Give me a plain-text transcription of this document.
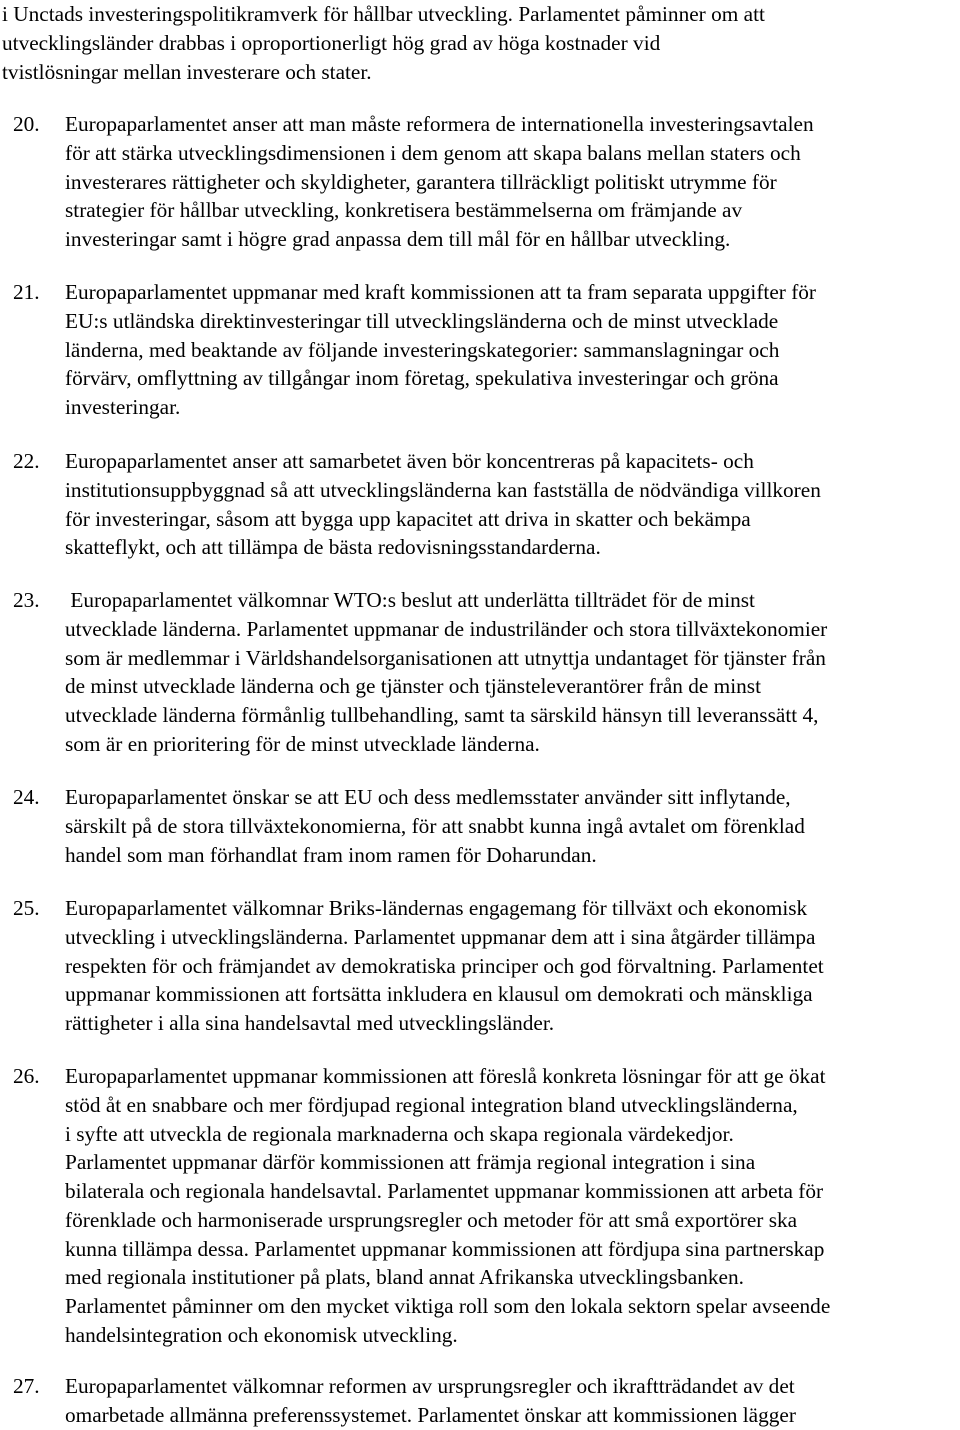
i Unctads investeringspolitikramverk för hållbar utveckling. Parlamentet påminner om att
utvecklingsländer drabbas i oproportionerligt hög grad av höga kostnader vid
tvistlösningar mellan investerare och stater.
20. Europaparlamentet anser att man måste reformera de internationella investeringsavtalen
för att stärka utvecklingsdimensionen i dem genom att skapa balans mellan staters och
investerares rättigheter och skyldigheter, garantera tillräckligt politiskt utrymme för
strategier för hållbar utveckling, konkretisera bestämmelserna om främjande av
investeringar samt i högre grad anpassa dem till mål för en hållbar utveckling.
21. Europaparlamentet uppmanar med kraft kommissionen att ta fram separata uppgifter för
EU:s utländska direktinvesteringar till utvecklingsländerna och de minst utvecklade
länderna, med beaktande av följande investeringskategorier: sammanslagningar och
förvärv, omflyttning av tillgångar inom företag, spekulativa investeringar och gröna
investeringar.
22. Europaparlamentet anser att samarbetet även bör koncentreras på kapacitets- och
institutionsuppbyggnad så att utvecklingsländerna kan fastställa de nödvändiga villkoren
för investeringar, såsom att bygga upp kapacitet att driva in skatter och bekämpa
skatteflykt, och att tillämpa de bästa redovisningsstandarderna.
23. Europaparlamentet välkomnar WTO:s beslut att underlätta tillträdet för de minst
utvecklade länderna. Parlamentet uppmanar de industriländer och stora tillväxtekonomier
som är medlemmar i Världshandelsorganisationen att utnyttja undantaget för tjänster från
de minst utvecklade länderna och ge tjänster och tjänsteleverantörer från de minst
utvecklade länderna förmånlig tullbehandling, samt ta särskild hänsyn till leveranssätt 4,
som är en prioritering för de minst utvecklade länderna.
24. Europaparlamentet önskar se att EU och dess medlemsstater använder sitt inflytande,
särskilt på de stora tillväxtekonomierna, för att snabbt kunna ingå avtalet om förenklad
handel som man förhandlat fram inom ramen för Doharundan.
25. Europaparlamentet välkomnar Briks-ländernas engagemang för tillväxt och ekonomisk
utveckling i utvecklingsländerna. Parlamentet uppmanar dem att i sina åtgärder tillämpa
respekten för och främjandet av demokratiska principer och god förvaltning. Parlamentet
uppmanar kommissionen att fortsätta inkludera en klausul om demokrati och mänskliga
rättigheter i alla sina handelsavtal med utvecklingsländer.
26. Europaparlamentet uppmanar kommissionen att föreslå konkreta lösningar för att ge ökat
stöd åt en snabbare och mer fördjupad regional integration bland utvecklingsländerna,
i syfte att utveckla de regionala marknaderna och skapa regionala värdekedjor.
Parlamentet uppmanar därför kommissionen att främja regional integration i sina
bilaterala och regionala handelsavtal. Parlamentet uppmanar kommissionen att arbeta för
förenklade och harmoniserade ursprungsregler och metoder för att små exportörer ska
kunna tillämpa dessa. Parlamentet uppmanar kommissionen att fördjupa sina partnerskap
med regionala institutioner på plats, bland annat Afrikanska utvecklingsbanken.
Parlamentet påminner om den mycket viktiga roll som den lokala sektorn spelar avseende
handelsintegration och ekonomisk utveckling.
27. Europaparlamentet välkomnar reformen av ursprungsregler och ikraftträdandet av det
omarbetade allmänna preferenssystemet. Parlamentet önskar att kommissionen lägger
